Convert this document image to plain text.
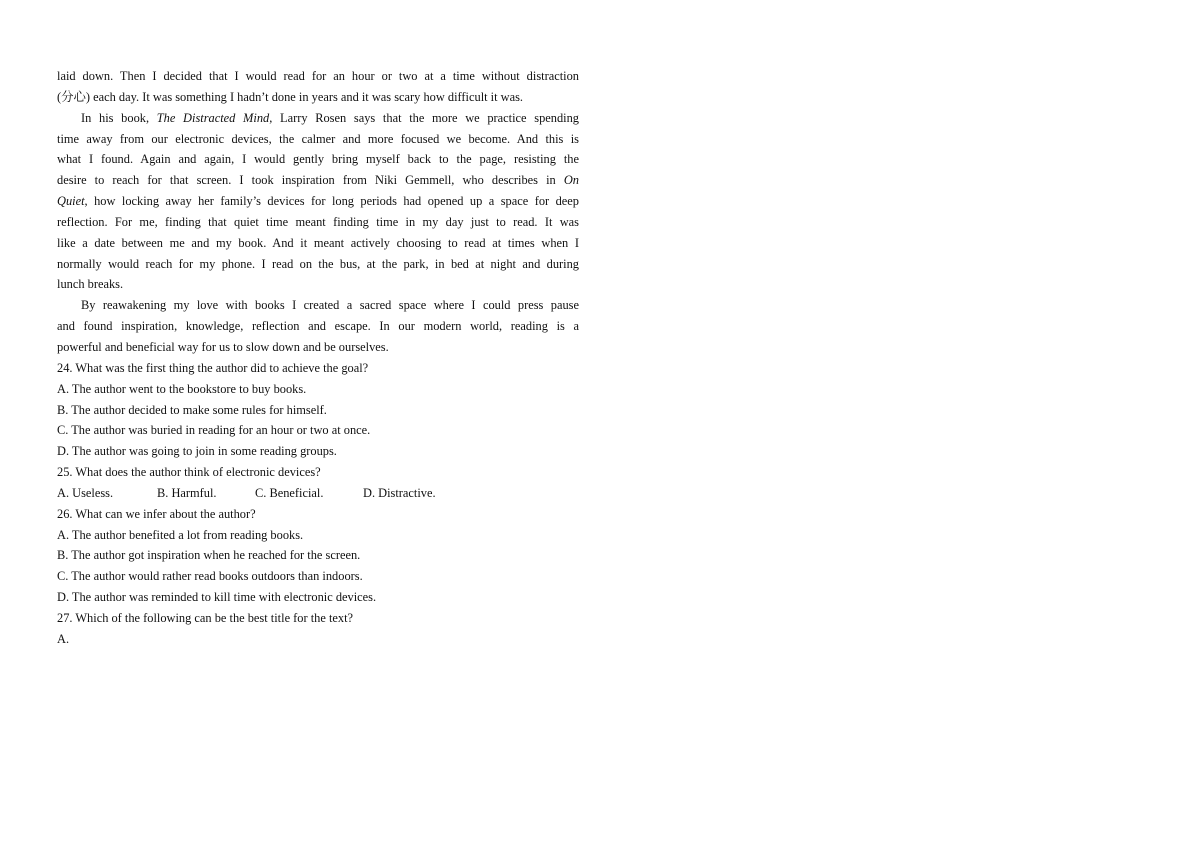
laid down. Then I decided that I would read for an hour or two at a time without distraction
(分心) each day. It was something I hadn’t done in years and it was scary how difficult it was.
In his book, The Distracted Mind, Larry Rosen says that the more we practice spending
time away from our electronic devices, the calmer and more focused we become. And this is
what I found. Again and again, I would gently bring myself back to the page, resisting the
desire to reach for that screen. I took inspiration from Niki Gemmell, who describes in On
Quiet, how locking away her family’s devices for long periods had opened up a space for deep
reflection. For me, finding that quiet time meant finding time in my day just to read. It was
like a date between me and my book. And it meant actively choosing to read at times when I
normally would reach for my phone. I read on the bus, at the park, in bed at night and during
lunch breaks.
By reawakening my love with books I created a sacred space where I could press pause
and found inspiration, knowledge, reflection and escape. In our modern world, reading is a
powerful and beneficial way for us to slow down and be ourselves.
24. What was the first thing the author did to achieve the goal?
A. The author went to the bookstore to buy books.
B. The author decided to make some rules for himself.
C. The author was buried in reading for an hour or two at once.
D. The author was going to join in some reading groups.
25. What does the author think of electronic devices?
A. Useless.	B. Harmful.	C. Beneficial.	D. Distractive.
26. What can we infer about the author?
A. The author benefited a lot from reading books.
B. The author got inspiration when he reached for the screen.
C. The author would rather read books outdoors than indoors.
D. The author was reminded to kill time with electronic devices.
27. Which of the following can be the best title for the text?
A.
